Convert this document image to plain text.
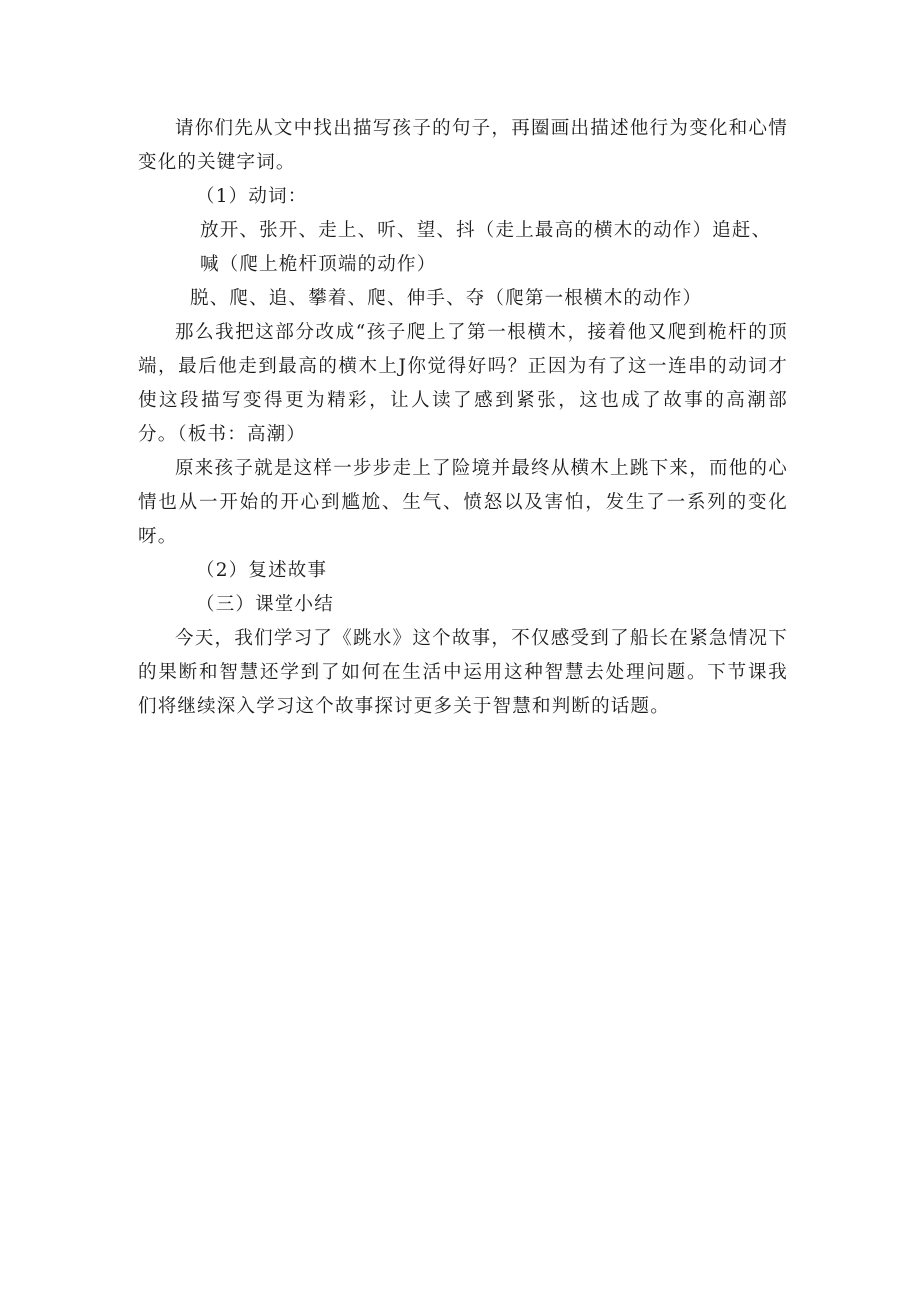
请你们先从文中找出描写孩子的句子，再圈画出描述他行为变化和心情变化的关键字词。

（1）动词：

放开、张开、走上、听、望、抖（走上最高的横木的动作）追赶、

喊（爬上桅杆顶端的动作）

脱、爬、追、攀着、爬、伸手、夺（爬第一根横木的动作）

那么我把这部分改成“孩子爬上了第一根横木，接着他又爬到桅杆的顶端，最后他走到最高的横木上J你觉得好吗？正因为有了这一连串的动词才使这段描写变得更为精彩，让人读了感到紧张，这也成了故事的高潮部分。（板书：高潮）

原来孩子就是这样一步步走上了险境并最终从横木上跳下来，而他的心情也从一开始的开心到尴尬、生气、愤怒以及害怕，发生了一系列的变化呀。

（2）复述故事

（三）课堂小结

今天，我们学习了《跳水》这个故事，不仅感受到了船长在紧急情况下的果断和智慧还学到了如何在生活中运用这种智慧去处理问题。下节课我们将继续深入学习这个故事探讨更多关于智慧和判断的话题。
